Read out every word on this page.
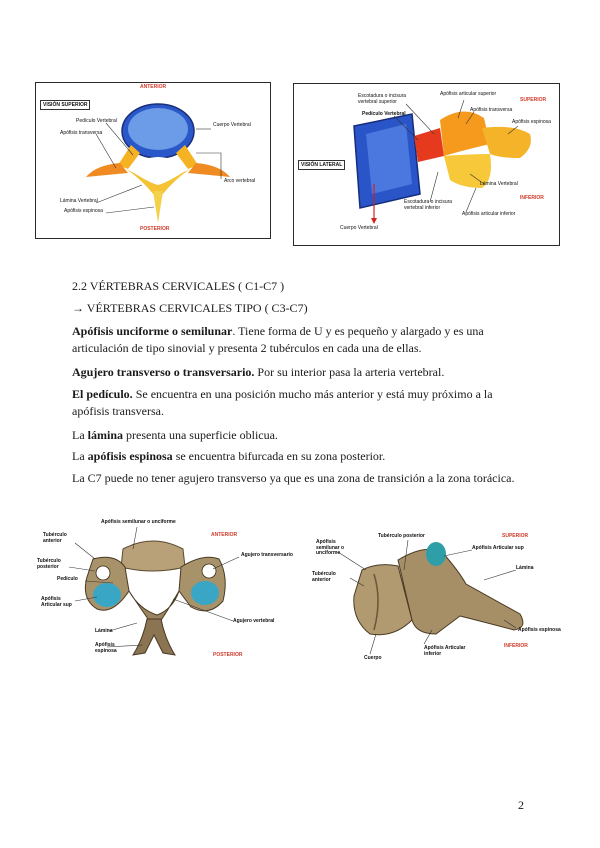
ANTERIOR
VISIÓN SUPERIOR
Pedículo Vertebral
Apófisis transversa
Cuerpo Vertebral
Arco vertebral
Lámina Vertebral
Apófisis espinosa
POSTERIOR
Escotadura o incisura vertebral superior
Pedículo Vertebral
Apófisis articular superior
SUPERIOR
Apófisis transversa
Apófisis espinosa
VISIÓN LATERAL
Lámina Vertebral
INFERIOR
Escotadura o incisura vertebral inferior
Apófisis articular inferior
Cuerpo Vertebral
2.2 VÉRTEBRAS CERVICALES ( C1-C7 )
→ VÉRTEBRAS CERVICALES TIPO ( C3-C7)
Apófisis unciforme o semilunar. Tiene forma de U y es pequeño y alargado y es una articulación de tipo sinovial y presenta 2 tubérculos en cada una de ellas.
Agujero transverso o transversario. Por su interior pasa la arteria vertebral.
El pedículo. Se encuentra en una posición mucho más anterior y está muy próximo a la apófisis transversa.
La lámina presenta una superficie oblicua.
La apófisis espinosa se encuentra bifurcada en su zona posterior.
La C7 puede no tener agujero transverso ya que es una zona de transición a la zona torácica.
Apófisis semilunar o unciforme
ANTERIOR
Tubérculo anterior
Agujero transversario
Tubérculo posterior
Pedículo
Apófisis Articular sup
Agujero vertebral
Lámina
Apófisis espinosa
POSTERIOR
Tubérculo posterior	SUPERIOR
Apófisis semilunar o unciforme
Apófisis Articular sup
Lámina
Tubérculo anterior
Apófisis espinosa
INFERIOR
Apófisis Articular inferior
Cuerpo
2
